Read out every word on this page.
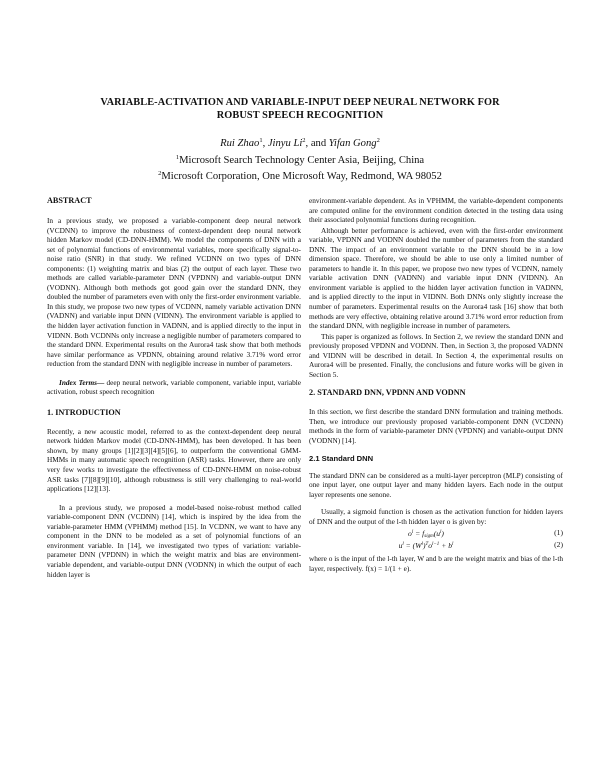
VARIABLE-ACTIVATION AND VARIABLE-INPUT DEEP NEURAL NETWORK FOR
ROBUST SPEECH RECOGNITION
Rui Zhao$^1$, Jinyu Li$^2$, and Yifan Gong$^2$
$^1$Microsoft Search Technology Center Asia, Beijing, China
$^2$Microsoft Corporation, One Microsoft Way, Redmond, WA 98052

ABSTRACT

In a previous study, we proposed a variable-component deep neural network (VCDNN) to improve the robustness of context-dependent deep neural network hidden Markov model (CD-DNN-HMM). We model the components of DNN with a set of polynomial functions of environmental variables, more specifically signal-to-noise ratio (SNR) in that study. We refined VCDNN on two types of DNN components: (1) weighting matrix and bias (2) the output of each layer. These two methods are called variable-parameter DNN (VPDNN) and variable-output DNN (VODNN). Although both methods got good gain over the standard DNN, they doubled the number of parameters even with only the first-order environment variable. In this study, we propose two new types of VCDNN, namely variable activation DNN (VADNN) and variable input DNN (VIDNN). The environment variable is applied to the hidden layer activation function in VADNN, and is applied directly to the input in VIDNN. Both VCDNNs only increase a negligible number of parameters compared to the standard DNN. Experimental results on the Aurora4 task show that both methods have similar performance as VPDNN, obtaining around relative 3.71% word error reduction from the standard DNN with negligible increase in number of parameters.

Index Terms— deep neural network, variable component, variable input, variable activation, robust speech recognition

1. INTRODUCTION

Recently, a new acoustic model, referred to as the context-dependent deep neural network hidden Markov model (CD-DNN-HMM), has been developed. It has been shown, by many groups [1][2][3][4][5][6], to outperform the conventional GMM-HMMs in many automatic speech recognition (ASR) tasks. However, there are only very few works to investigate the effectiveness of CD-DNN-HMM on noise-robust ASR tasks [7][8][9][10], although robustness is still very challenging to real-world applications [12][13].

In a previous study, we proposed a model-based noise-robust method called variable-component DNN (VCDNN) [14], which is inspired by the idea from the variable-parameter HMM (VPHMM) method [15]. In VCDNN, we want to have any component in the DNN to be modeled as a set of polynomial functions of an environment variable. In [14], we investigated two types of variation: variable-parameter DNN (VPDNN) in which the weight matrix and bias are environment-variable dependent, and variable-output DNN (VODNN) in which the output of each hidden layer is

environment-variable dependent. As in VPHMM, the variable-dependent components are computed online for the environment condition detected in the testing data using their associated polynomial functions during recognition.

Although better performance is achieved, even with the first-order environment variable, VPDNN and VODNN doubled the number of parameters from the standard DNN. The impact of an environment variable to the DNN should be in a low dimension space. Therefore, we should be able to use only a limited number of parameters to handle it. In this paper, we propose two new types of VCDNN, namely variable activation DNN (VADNN) and variable input DNN (VIDNN). An environment variable is applied to the hidden layer activation function in VADNN, and is applied directly to the input in VIDNN. Both DNNs only slightly increase the number of parameters. Experimental results on the Aurora4 task [16] show that both methods are very effective, obtaining relative around 3.71% word error reduction from the standard DNN, with negligible increase in number of parameters.

This paper is organized as follows. In Section 2, we review the standard DNN and previously proposed VPDNN and VODNN. Then, in Section 3, the proposed VADNN and VIDNN will be described in detail. In Section 4, the experimental results on Aurora4 will be presented. Finally, the conclusions and future works will be given in Section 5.

2. STANDARD DNN, VPDNN AND VODNN

In this section, we first describe the standard DNN formulation and training methods. Then, we introduce our previously proposed variable-component DNN (VCDNN) methods in the form of variable-parameter DNN (VPDNN) and variable-output DNN (VODNN) [14].

2.1 Standard DNN

The standard DNN can be considered as a multi-layer perceptron (MLP) consisting of one input layer, one output layer and many hidden layers. Each node in the output layer represents one senone.

Usually, a sigmoid function is chosen as the activation function for hidden layers of DNN and the output of the l-th hidden layer o is given by:

$o^l = f_{sigm}(u^l)$	(1)
$u^l = (W^l)^To^{l-1} + b^l$	(2)

where o is the input of the l-th layer, W and b are the weight matrix and bias of the l-th layer, respectively. f(x) = 1/(1 + e).
